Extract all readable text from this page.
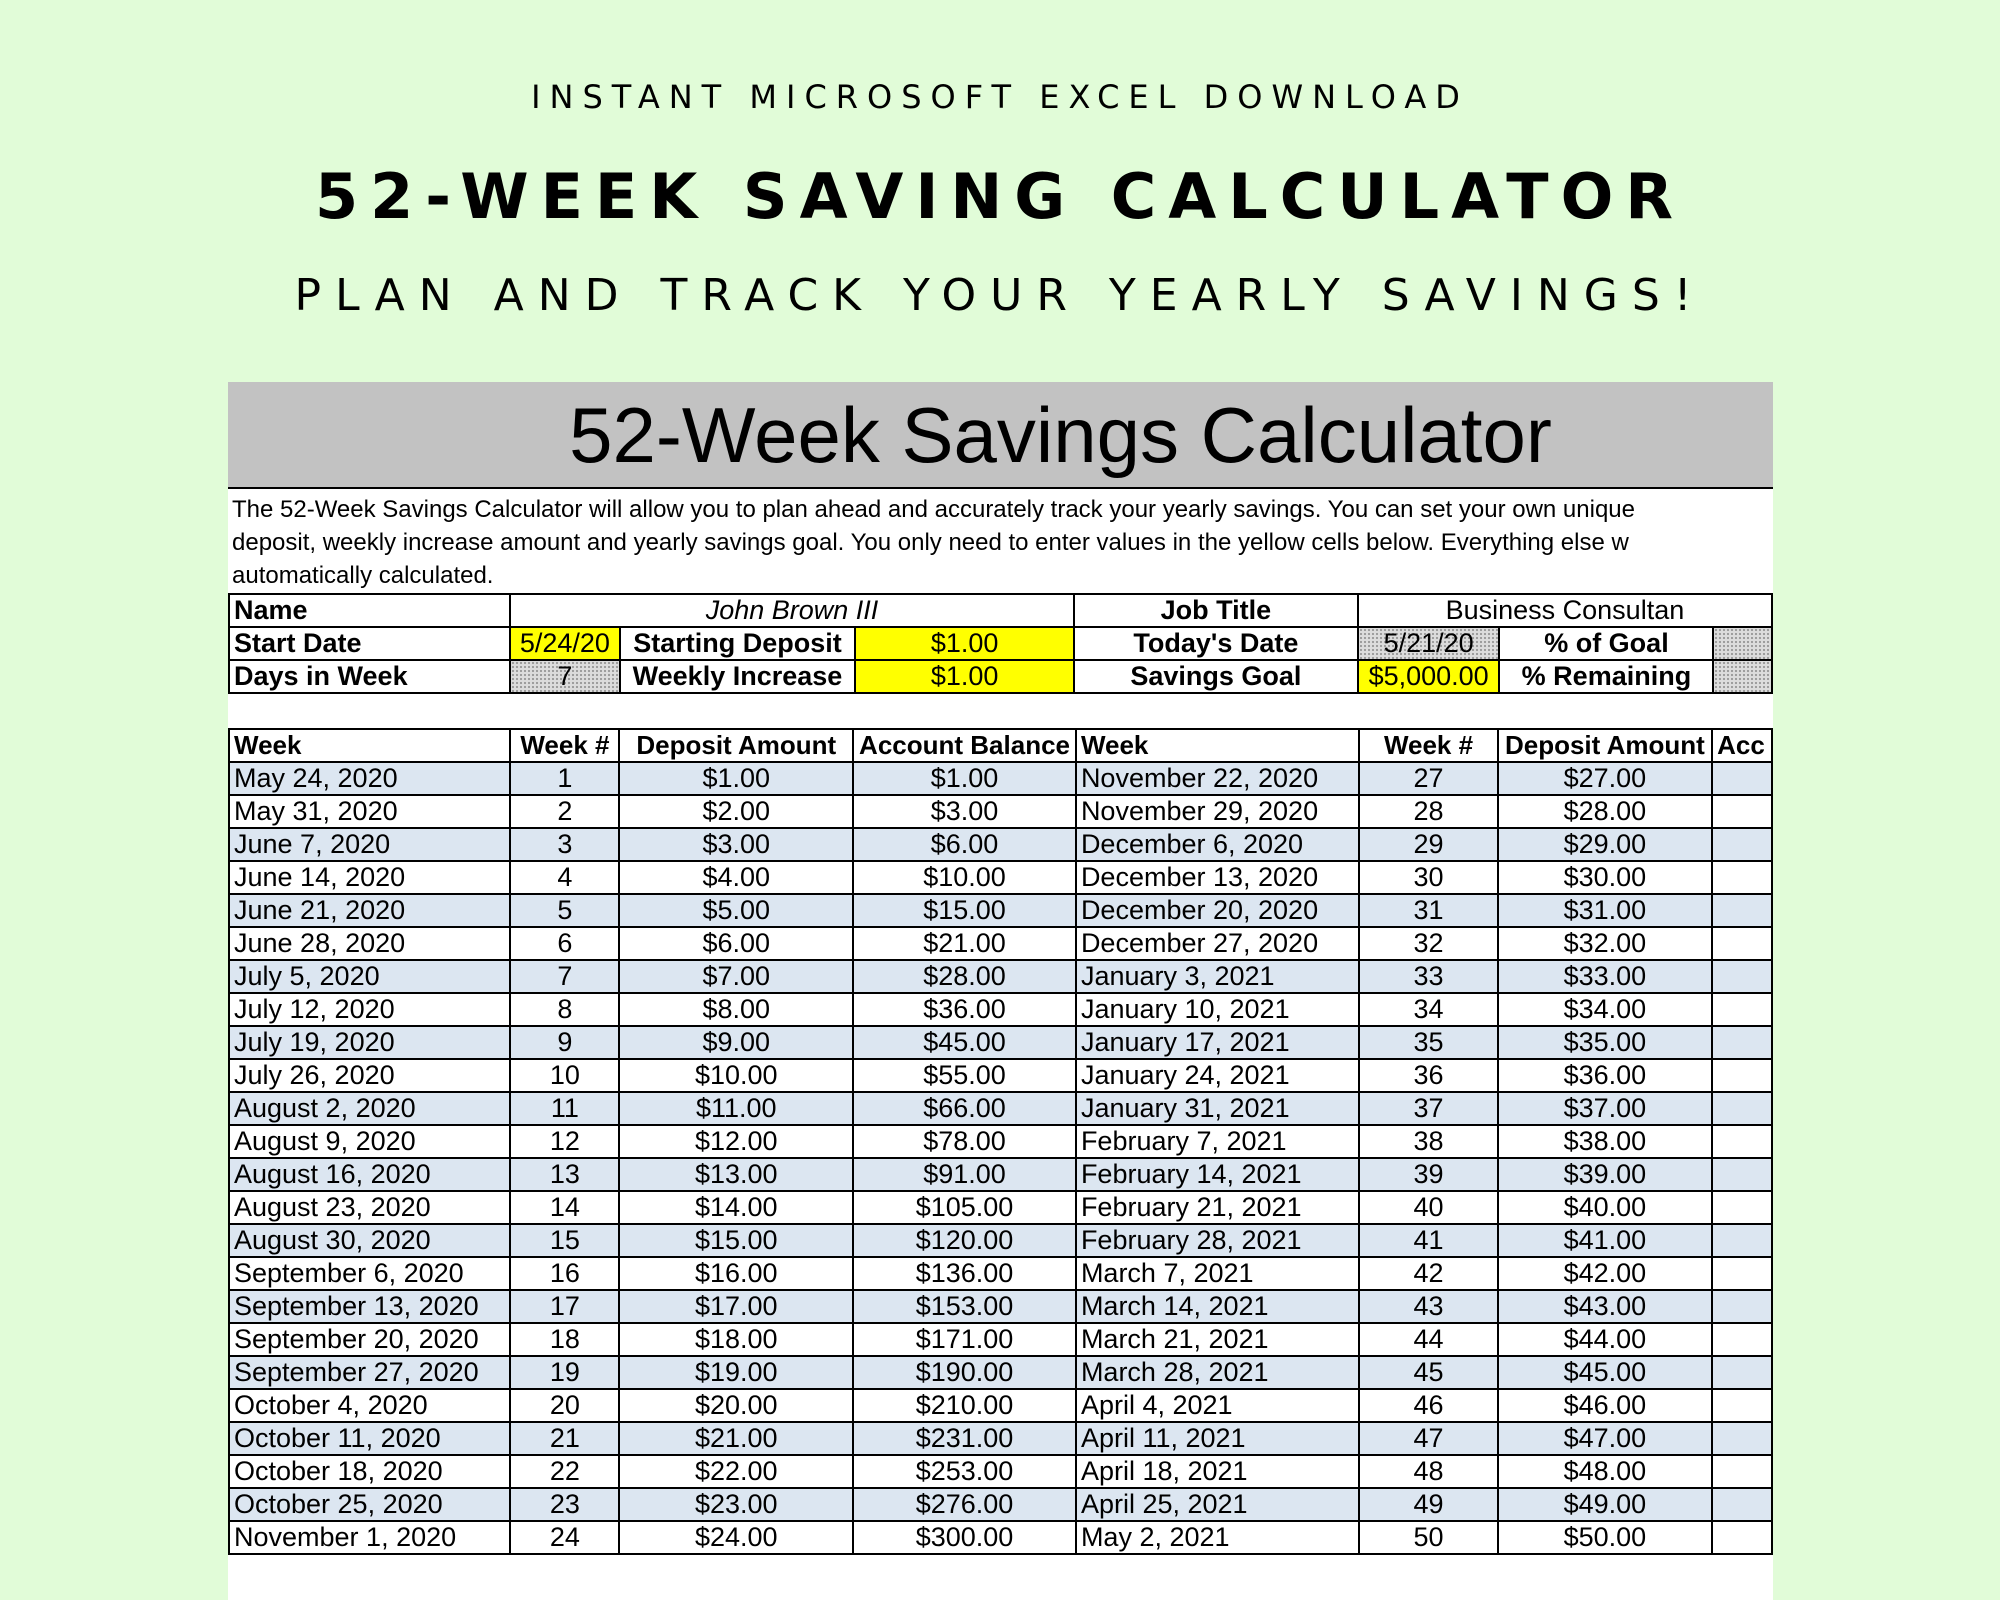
INSTANT MICROSOFT EXCEL DOWNLOAD
52-WEEK SAVING CALCULATOR
PLAN AND TRACK YOUR YEARLY SAVINGS!
52-Week Savings Calculator
The 52-Week Savings Calculator will allow you to plan ahead and accurately track your yearly savings. You can set your own unique
deposit, weekly increase amount and yearly savings goal. You only need to enter values in the yellow cells below. Everything else w
automatically calculated.
Name	John Brown III			Job Title	Business Consultan		
Start Date	5/24/20	Starting Deposit	$1.00	Today's Date	5/21/20	% of Goal	
Days in Week	7	Weekly Increase	$1.00	Savings Goal	$5,000.00	% Remaining	
Week	Week #	Deposit Amount	Account Balance	Week	Week #	Deposit Amount	Acc
May 24, 2020	1	$1.00	$1.00	November 22, 2020	27	$27.00	
May 31, 2020	2	$2.00	$3.00	November 29, 2020	28	$28.00	
June 7, 2020	3	$3.00	$6.00	December 6, 2020	29	$29.00	
June 14, 2020	4	$4.00	$10.00	December 13, 2020	30	$30.00	
June 21, 2020	5	$5.00	$15.00	December 20, 2020	31	$31.00	
June 28, 2020	6	$6.00	$21.00	December 27, 2020	32	$32.00	
July 5, 2020	7	$7.00	$28.00	January 3, 2021	33	$33.00	
July 12, 2020	8	$8.00	$36.00	January 10, 2021	34	$34.00	
July 19, 2020	9	$9.00	$45.00	January 17, 2021	35	$35.00	
July 26, 2020	10	$10.00	$55.00	January 24, 2021	36	$36.00	
August 2, 2020	11	$11.00	$66.00	January 31, 2021	37	$37.00	
August 9, 2020	12	$12.00	$78.00	February 7, 2021	38	$38.00	
August 16, 2020	13	$13.00	$91.00	February 14, 2021	39	$39.00	
August 23, 2020	14	$14.00	$105.00	February 21, 2021	40	$40.00	
August 30, 2020	15	$15.00	$120.00	February 28, 2021	41	$41.00	
September 6, 2020	16	$16.00	$136.00	March 7, 2021	42	$42.00	
September 13, 2020	17	$17.00	$153.00	March 14, 2021	43	$43.00	
September 20, 2020	18	$18.00	$171.00	March 21, 2021	44	$44.00	
September 27, 2020	19	$19.00	$190.00	March 28, 2021	45	$45.00	
October 4, 2020	20	$20.00	$210.00	April 4, 2021	46	$46.00	
October 11, 2020	21	$21.00	$231.00	April 11, 2021	47	$47.00	
October 18, 2020	22	$22.00	$253.00	April 18, 2021	48	$48.00	
October 25, 2020	23	$23.00	$276.00	April 25, 2021	49	$49.00	
November 1, 2020	24	$24.00	$300.00	May 2, 2021	50	$50.00	
